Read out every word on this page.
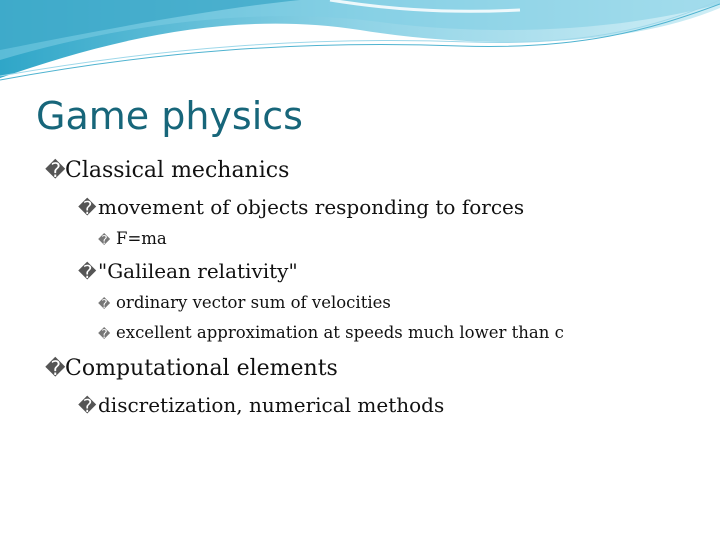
Game physics
� Classical mechanics
� movement of objects responding to forces
� F=ma
� "Galilean relativity"
� ordinary vector sum of velocities
� excellent approximation at speeds much lower than c
� Computational elements
� discretization, numerical methods
